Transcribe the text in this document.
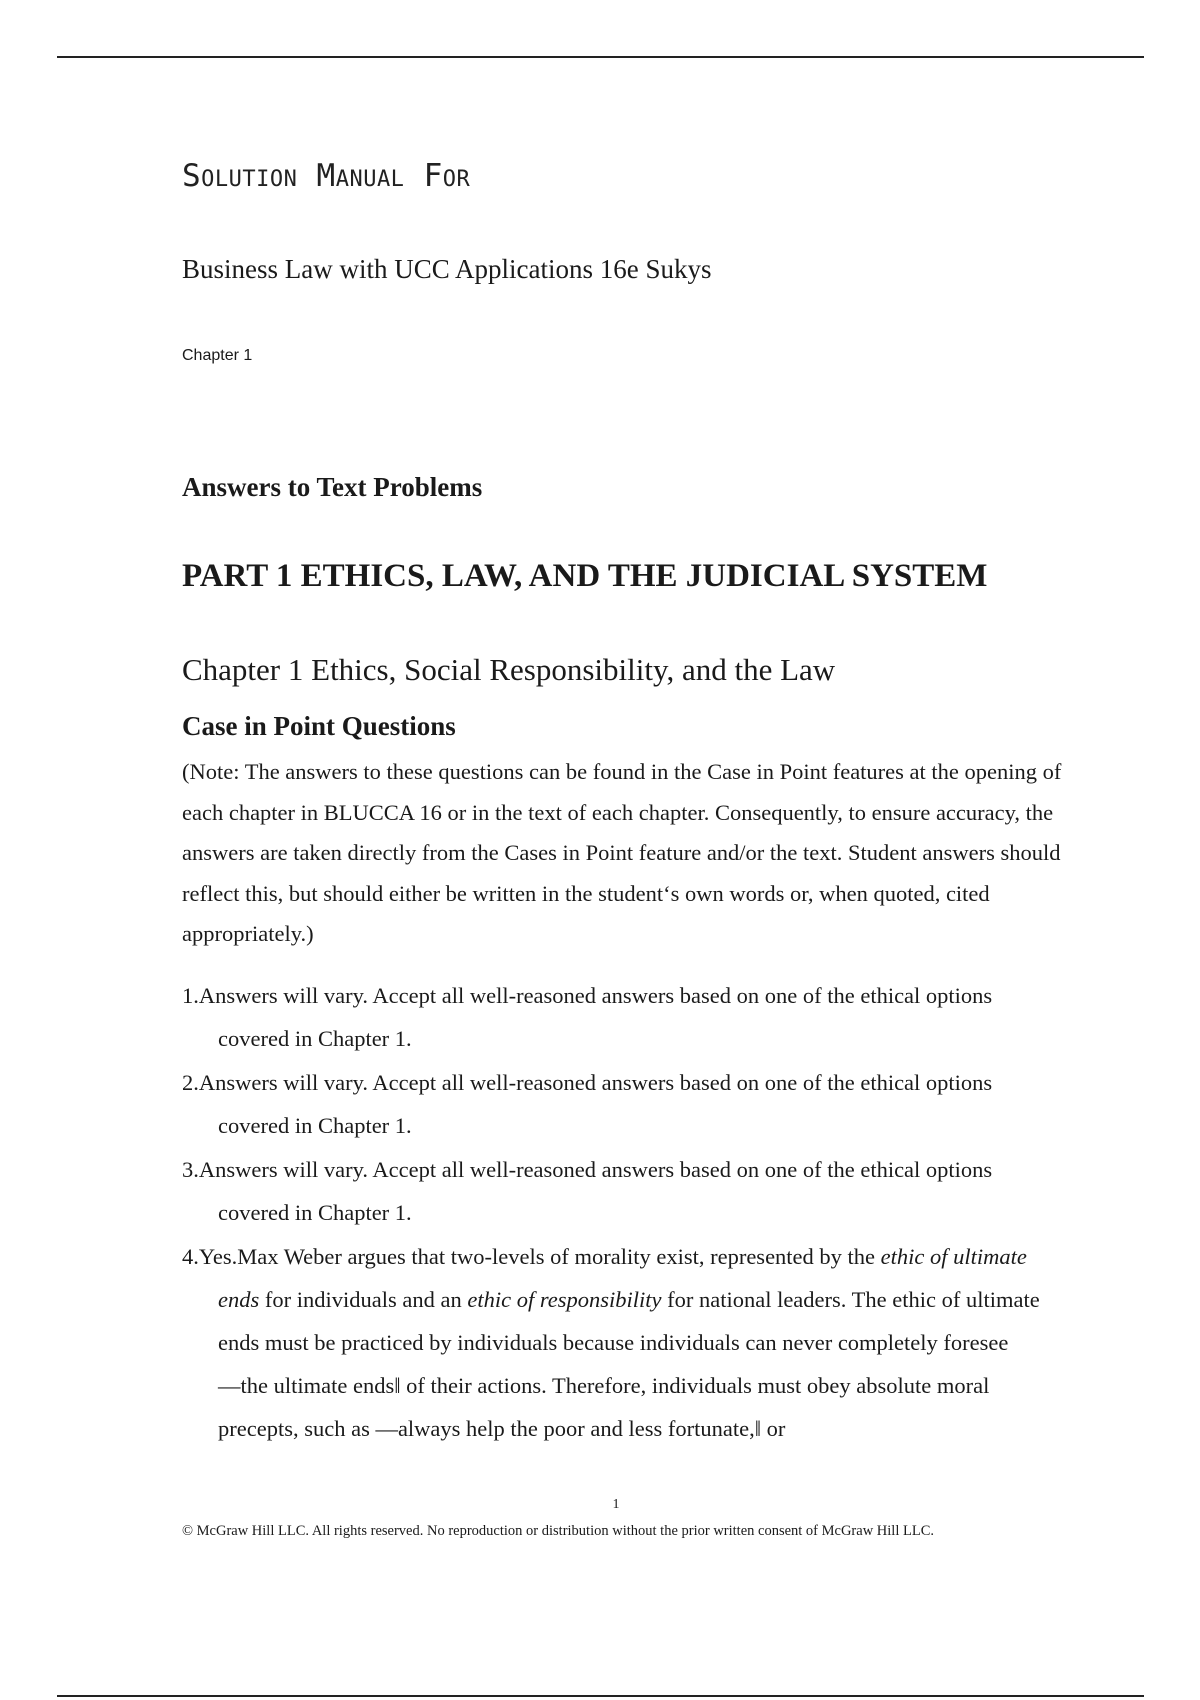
Solution Manual For

Business Law with UCC Applications 16e Sukys

Chapter 1

Answers to Text Problems
PART 1 ETHICS, LAW, AND THE JUDICIAL SYSTEM
Chapter 1 Ethics, Social Responsibility, and the Law
Case in Point Questions

(Note: The answers to these questions can be found in the Case in Point features at the opening of each chapter in BLUCCA 16 or in the text of each chapter. Consequently, to ensure accuracy, the answers are taken directly from the Cases in Point feature and/or the text. Student answers should reflect this, but should either be written in the student‘s own words or, when quoted, cited appropriately.)

1.Answers will vary. Accept all well-reasoned answers based on one of the ethical options covered in Chapter 1.
2.Answers will vary. Accept all well-reasoned answers based on one of the ethical options covered in Chapter 1.
3.Answers will vary. Accept all well-reasoned answers based on one of the ethical options covered in Chapter 1.
4.Yes.Max Weber argues that two-levels of morality exist, represented by the ethic of ultimate ends for individuals and an ethic of responsibility for national leaders. The ethic of ultimate ends must be practiced by individuals because individuals can never completely foresee ―the ultimate ends‖ of their actions. Therefore, individuals must obey absolute moral precepts, such as ―always help the poor and less fortunate,‖ or

1

© McGraw Hill LLC. All rights reserved. No reproduction or distribution without the prior written consent of McGraw Hill LLC.
